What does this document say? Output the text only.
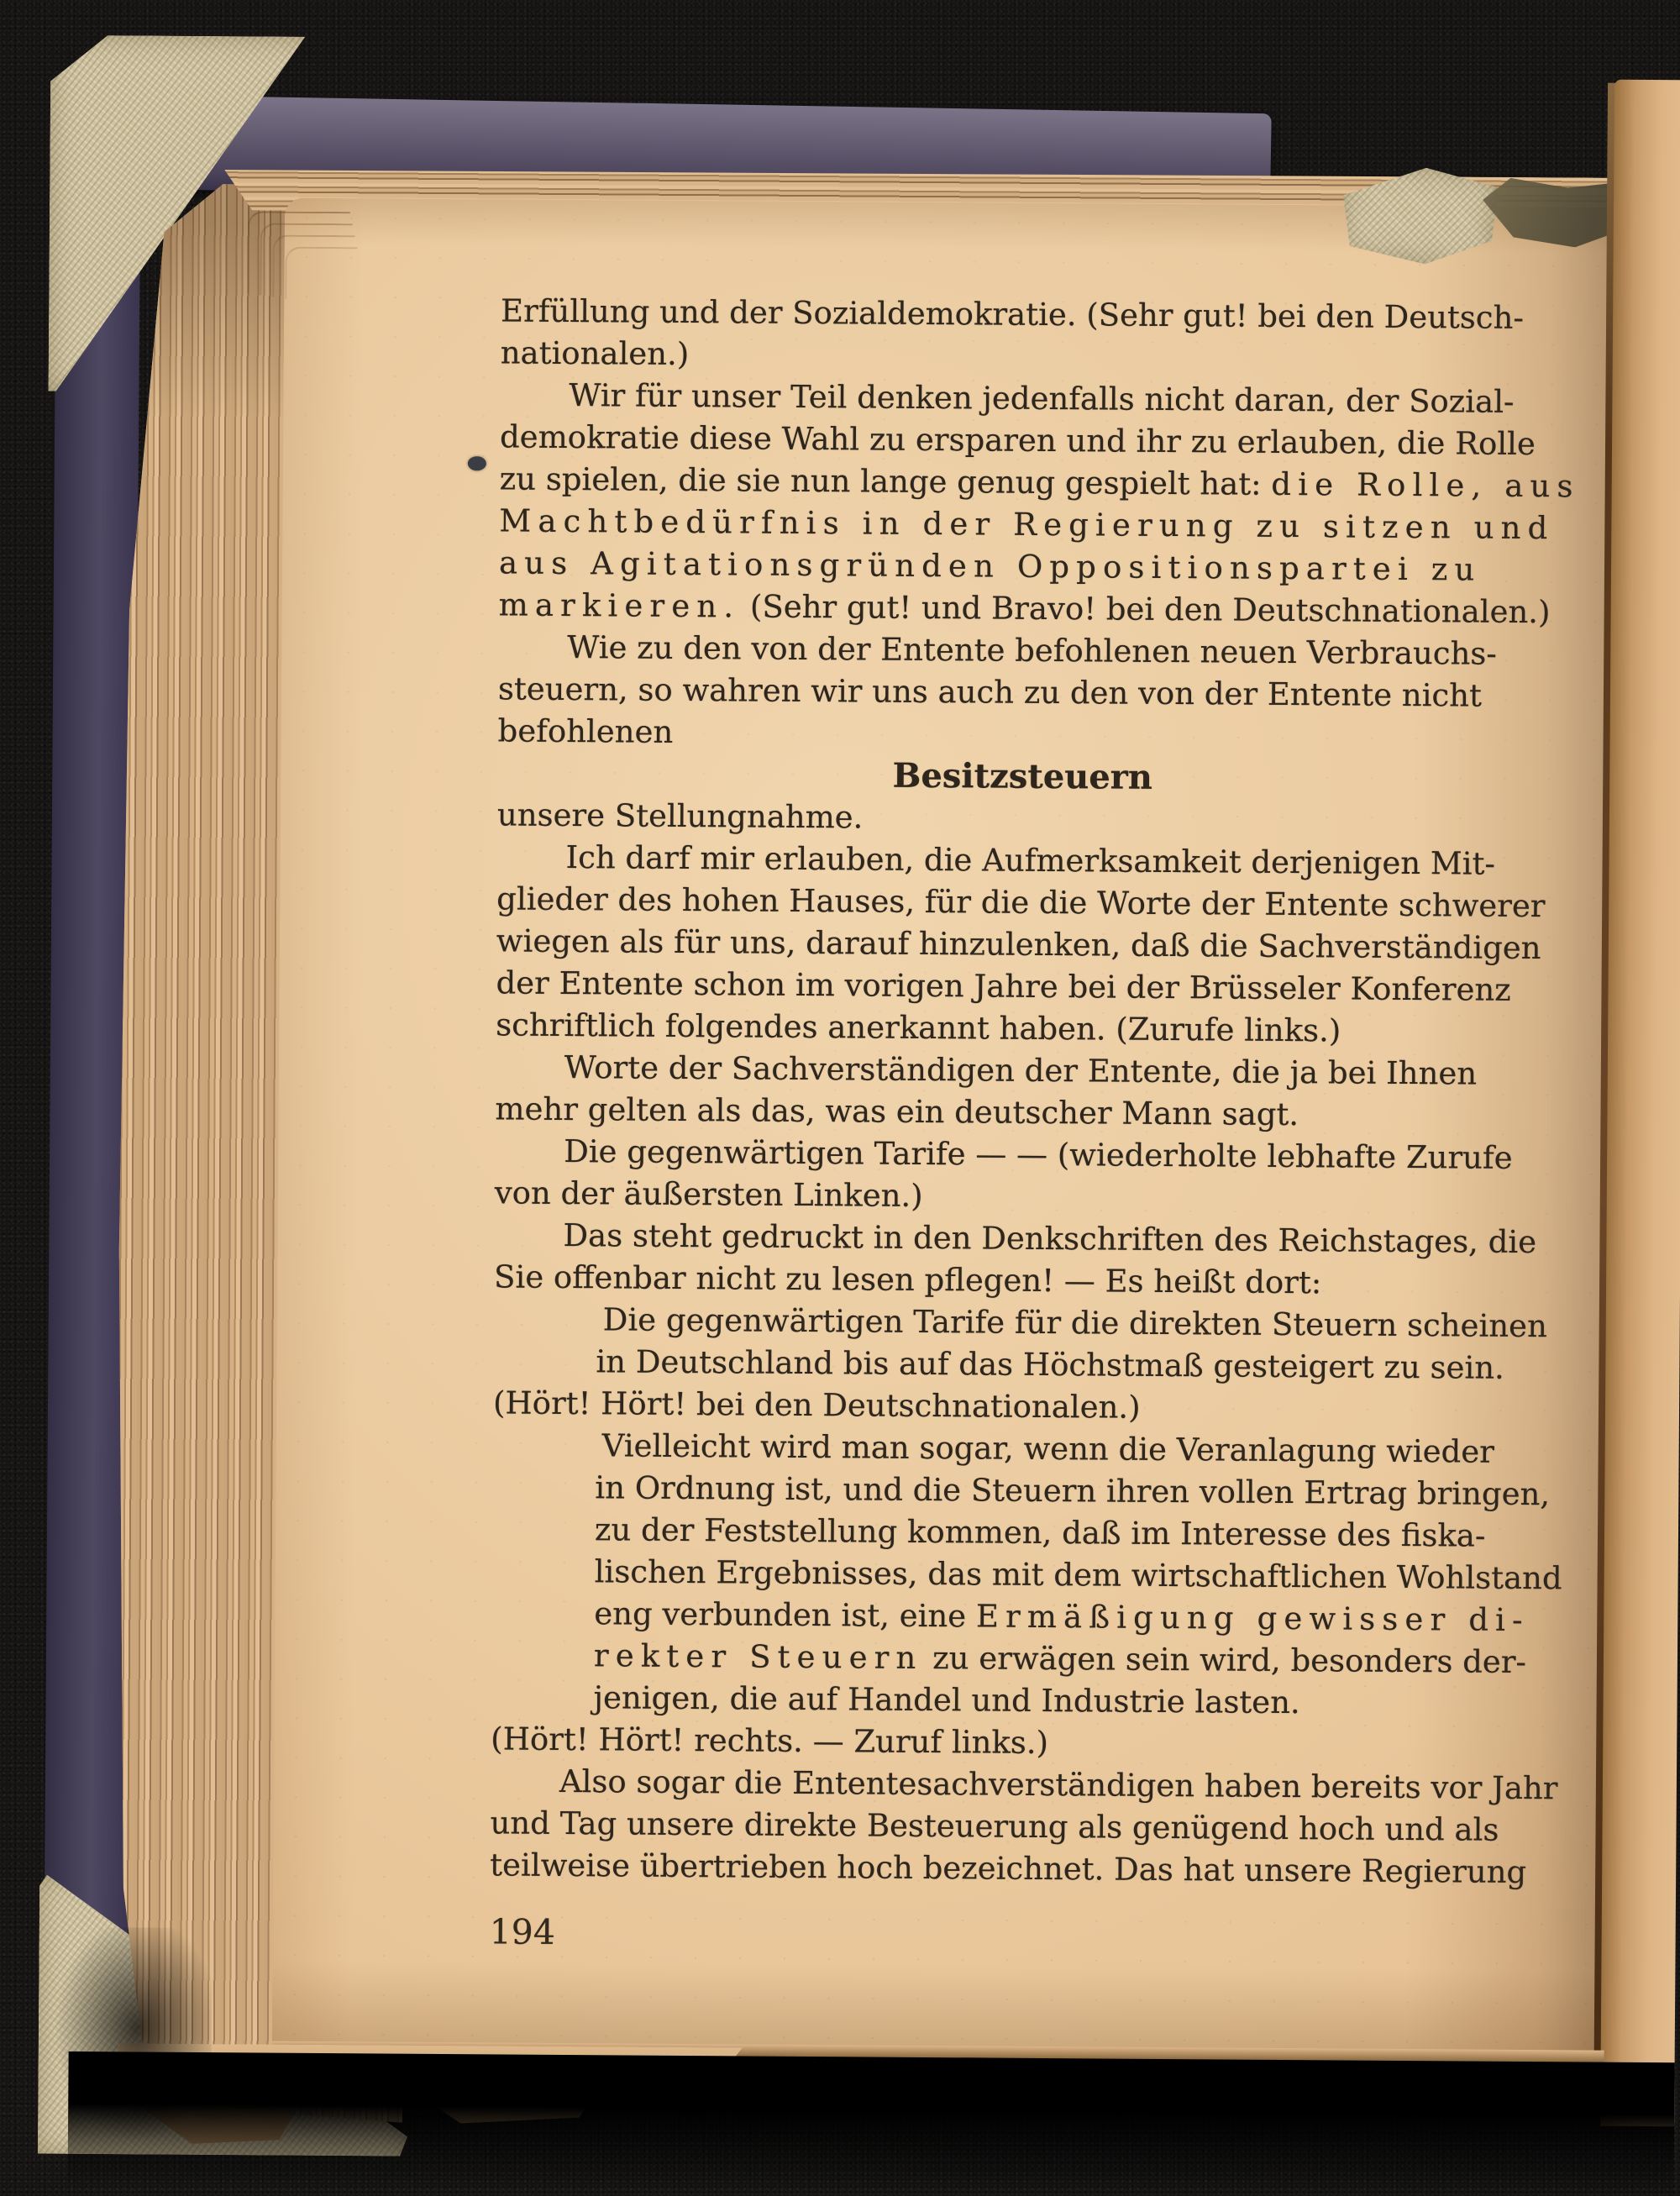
Erfüllung und der Sozialdemokratie. (Sehr gut! bei den Deutsch-
nationalen.)
Wir für unser Teil denken jedenfalls nicht daran, der Sozial-
demokratie diese Wahl zu ersparen und ihr zu erlauben, die Rolle
zu spielen, die sie nun lange genug gespielt hat: die Rolle, aus
Machtbedürfnis in der Regierung zu sitzen und
aus Agitationsgründen Oppositionspartei zu
markieren. (Sehr gut! und Bravo! bei den Deutschnationalen.)
Wie zu den von der Entente befohlenen neuen Verbrauchs-
steuern, so wahren wir uns auch zu den von der Entente nicht
befohlenen
Besitzsteuern
unsere Stellungnahme.
Ich darf mir erlauben, die Aufmerksamkeit derjenigen Mit-
glieder des hohen Hauses, für die die Worte der Entente schwerer
wiegen als für uns, darauf hinzulenken, daß die Sachverständigen
der Entente schon im vorigen Jahre bei der Brüsseler Konferenz
schriftlich folgendes anerkannt haben. (Zurufe links.)
Worte der Sachverständigen der Entente, die ja bei Ihnen
mehr gelten als das, was ein deutscher Mann sagt.
Die gegenwärtigen Tarife — — (wiederholte lebhafte Zurufe
von der äußersten Linken.)
Das steht gedruckt in den Denkschriften des Reichstages, die
Sie offenbar nicht zu lesen pflegen! — Es heißt dort:
Die gegenwärtigen Tarife für die direkten Steuern scheinen
in Deutschland bis auf das Höchstmaß gesteigert zu sein.
(Hört! Hört! bei den Deutschnationalen.)
Vielleicht wird man sogar, wenn die Veranlagung wieder
in Ordnung ist, und die Steuern ihren vollen Ertrag bringen,
zu der Feststellung kommen, daß im Interesse des fiska-
lischen Ergebnisses, das mit dem wirtschaftlichen Wohlstand
eng verbunden ist, eine Ermäßigung gewisser di-
rekter Steuern zu erwägen sein wird, besonders der-
jenigen, die auf Handel und Industrie lasten.
(Hört! Hört! rechts. — Zuruf links.)
Also sogar die Ententesachverständigen haben bereits vor Jahr
und Tag unsere direkte Besteuerung als genügend hoch und als
teilweise übertrieben hoch bezeichnet. Das hat unsere Regierung
194
